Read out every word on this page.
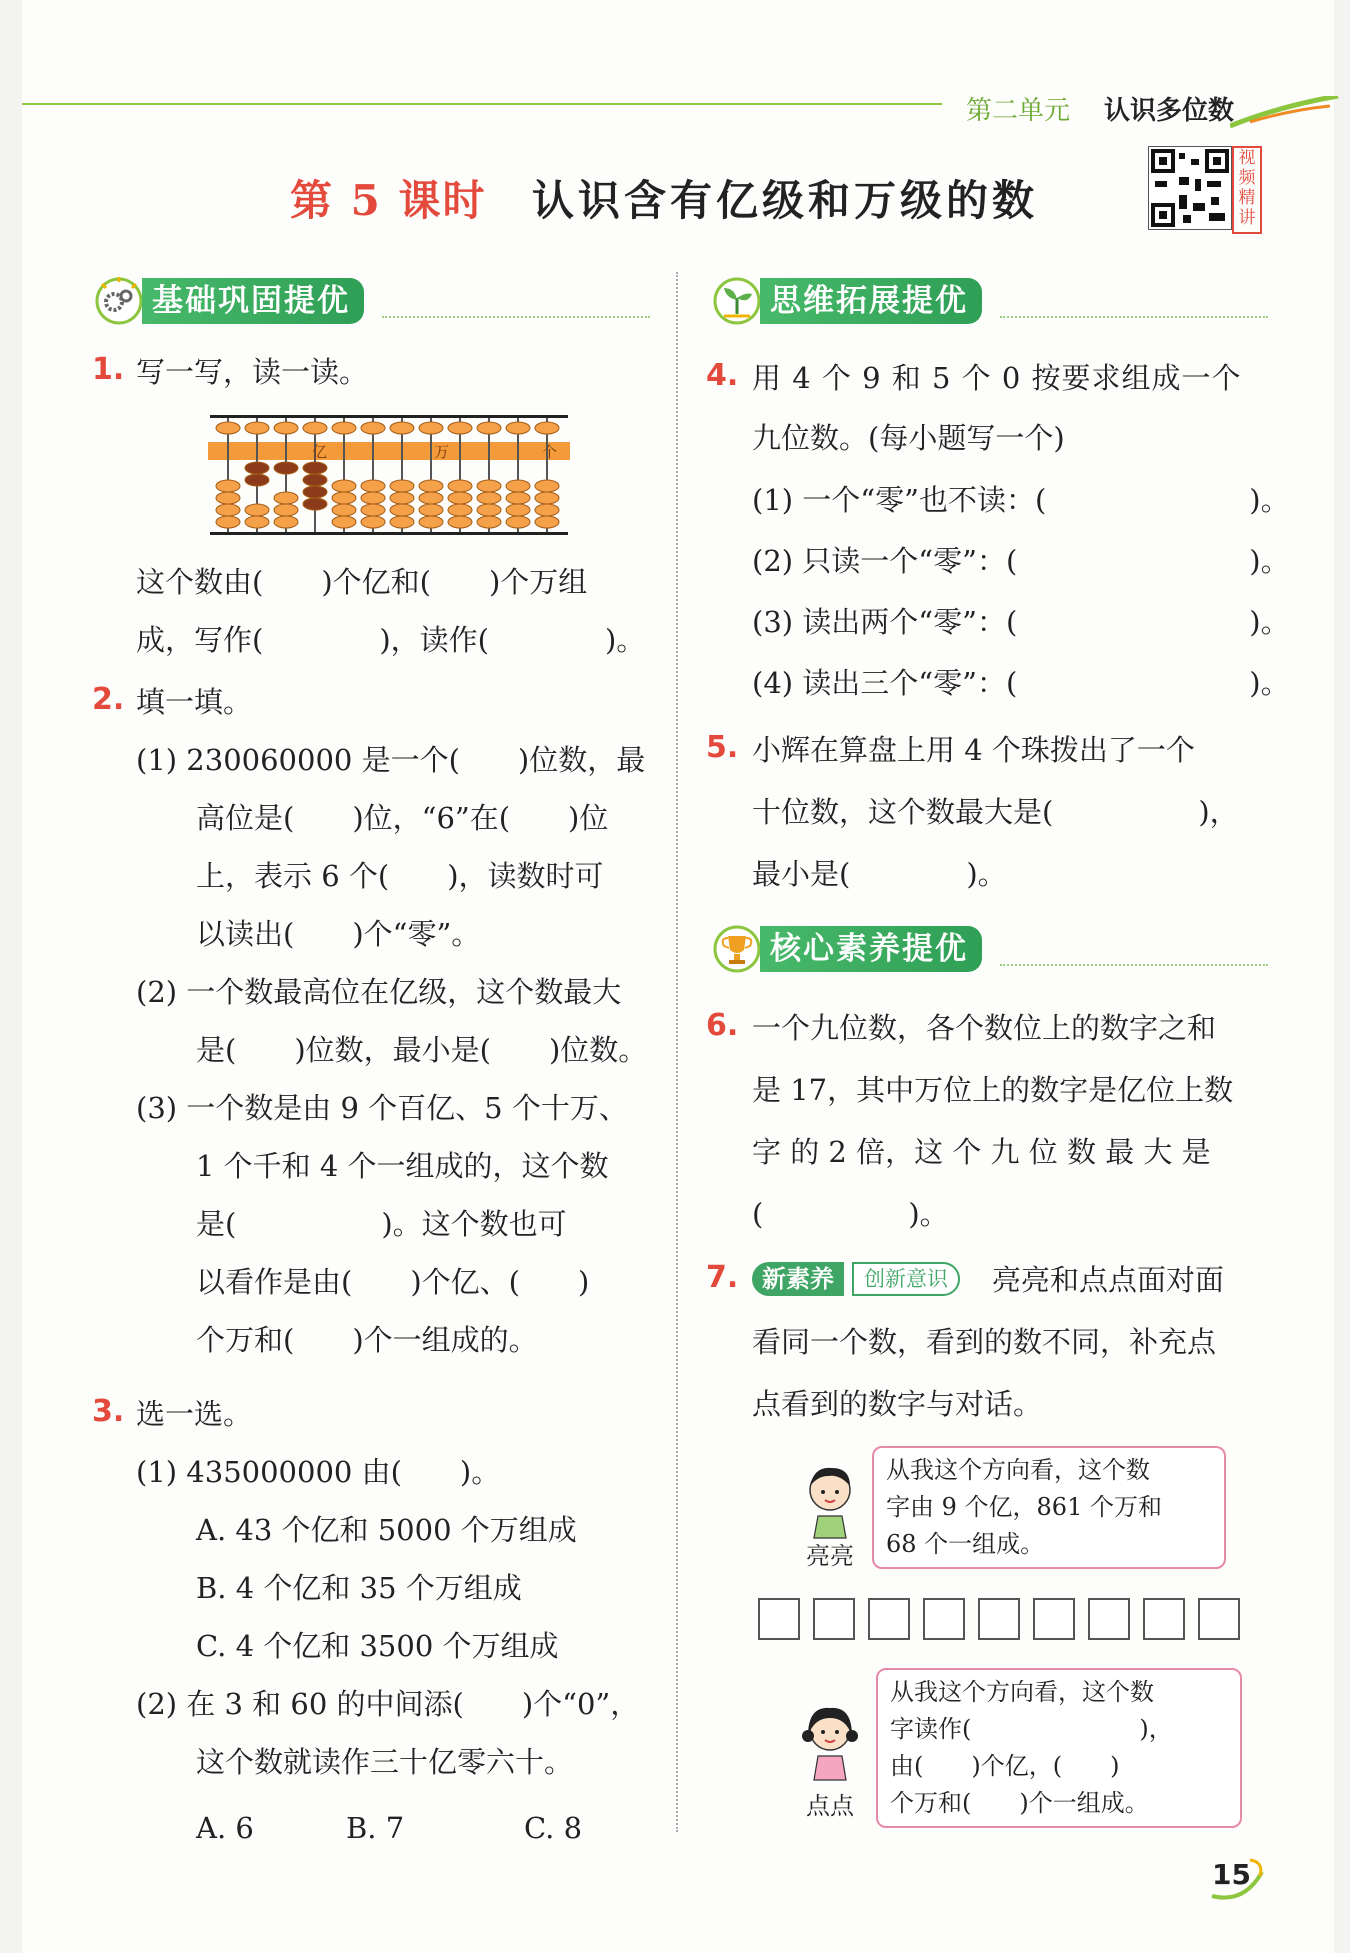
第二单元 认识多位数
第 5 课时 认识含有亿级和万级的数
视频精讲
基础巩固提优
1. 写一写，读一读。
亿	万	个
这个数由(　　)个亿和(　　)个万组
成，写作(　　　　)，读作(　　　　)。
2. 填一填。
(1) 230060000 是一个(　　)位数，最
高位是(　　)位，“6”在(　　)位
上，表示 6 个(　　)，读数时可
以读出(　　)个“零”。
(2) 一个数最高位在亿级，这个数最大
是(　　)位数，最小是(　　)位数。
(3) 一个数是由 9 个百亿、5 个十万、
1 个千和 4 个一组成的，这个数
是(　　　　　)。这个数也可
以看作是由(　　)个亿、(　　)
个万和(　　)个一组成的。
3. 选一选。
(1) 435000000 由(　　)。
A. 43 个亿和 5000 个万组成
B. 4 个亿和 35 个万组成
C. 4 个亿和 3500 个万组成
(2) 在 3 和 60 的中间添(　　)个“0”，
这个数就读作三十亿零六十。
A. 6	B. 7	C. 8
思维拓展提优
4. 用 4 个 9 和 5 个 0 按要求组成一个
九位数。(每小题写一个)
(1) 一个“零”也不读：(　　　　　　　)。
(2) 只读一个“零”：(　　　　　　　　)。
(3) 读出两个“零”：(　　　　　　　　)。
(4) 读出三个“零”：(　　　　　　　　)。
5. 小辉在算盘上用 4 个珠拨出了一个
十位数，这个数最大是(　　　　　)，
最小是(　　　　)。
核心素养提优
6. 一个九位数，各个数位上的数字之和
是 17，其中万位上的数字是亿位上数
字 的 2 倍，这 个 九 位 数 最 大 是
(　　　　　)。
7. 新素养	创新意识	亮亮和点点面对面
看同一个数，看到的数不同，补充点
点看到的数字与对话。
亮亮
从我这个方向看，这个数
字由 9 个亿，861 个万和
68 个一组成。
点点
从我这个方向看，这个数
字读作(　　　　　　　)，
由(　　)个亿，(　　)
个万和(　　)个一组成。
15
